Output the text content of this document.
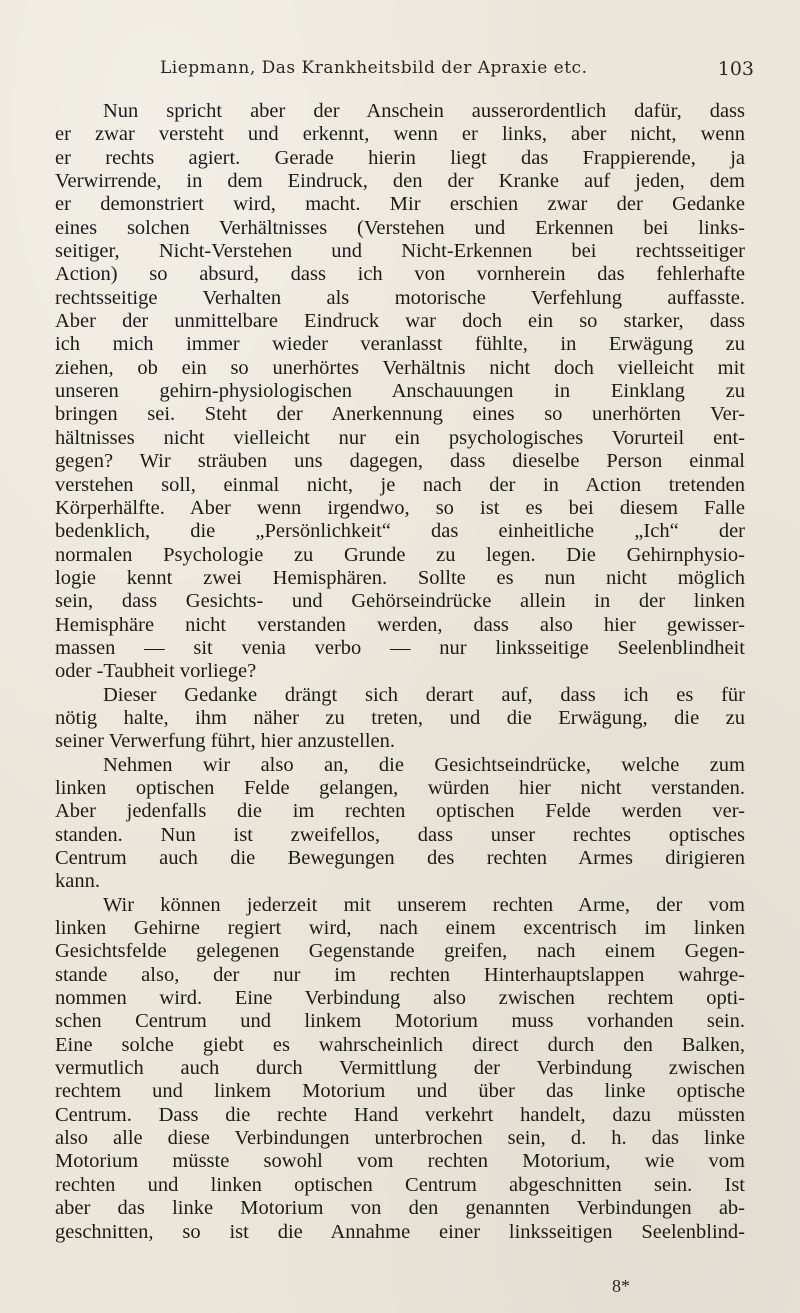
Liepmann, Das Krankheitsbild der Apraxie etc.	103
Nun spricht aber der Anschein ausserordentlich dafür, dass
er zwar versteht und erkennt, wenn er links, aber nicht, wenn
er rechts agiert. Gerade hierin liegt das Frappierende, ja
Verwirrende, in dem Eindruck, den der Kranke auf jeden, dem
er demonstriert wird, macht. Mir erschien zwar der Gedanke
eines solchen Verhältnisses (Verstehen und Erkennen bei links-
seitiger, Nicht-Verstehen und Nicht-Erkennen bei rechtsseitiger
Action) so absurd, dass ich von vornherein das fehlerhafte
rechtsseitige Verhalten als motorische Verfehlung auffasste.
Aber der unmittelbare Eindruck war doch ein so starker, dass
ich mich immer wieder veranlasst fühlte, in Erwägung zu
ziehen, ob ein so unerhörtes Verhältnis nicht doch vielleicht mit
unseren gehirn-physiologischen Anschauungen in Einklang zu
bringen sei. Steht der Anerkennung eines so unerhörten Ver-
hältnisses nicht vielleicht nur ein psychologisches Vorurteil ent-
gegen? Wir sträuben uns dagegen, dass dieselbe Person einmal
verstehen soll, einmal nicht, je nach der in Action tretenden
Körperhälfte. Aber wenn irgendwo, so ist es bei diesem Falle
bedenklich, die „Persönlichkeit“ das einheitliche „Ich“ der
normalen Psychologie zu Grunde zu legen. Die Gehirnphysio-
logie kennt zwei Hemisphären. Sollte es nun nicht möglich
sein, dass Gesichts- und Gehörseindrücke allein in der linken
Hemisphäre nicht verstanden werden, dass also hier gewisser-
massen — sit venia verbo — nur linksseitige Seelenblindheit
oder -Taubheit vorliege?
Dieser Gedanke drängt sich derart auf, dass ich es für
nötig halte, ihm näher zu treten, und die Erwägung, die zu
seiner Verwerfung führt, hier anzustellen.
Nehmen wir also an, die Gesichtseindrücke, welche zum
linken optischen Felde gelangen, würden hier nicht verstanden.
Aber jedenfalls die im rechten optischen Felde werden ver-
standen. Nun ist zweifellos, dass unser rechtes optisches
Centrum auch die Bewegungen des rechten Armes dirigieren
kann.
Wir können jederzeit mit unserem rechten Arme, der vom
linken Gehirne regiert wird, nach einem excentrisch im linken
Gesichtsfelde gelegenen Gegenstande greifen, nach einem Gegen-
stande also, der nur im rechten Hinterhauptslappen wahrge-
nommen wird. Eine Verbindung also zwischen rechtem opti-
schen Centrum und linkem Motorium muss vorhanden sein.
Eine solche giebt es wahrscheinlich direct durch den Balken,
vermutlich auch durch Vermittlung der Verbindung zwischen
rechtem und linkem Motorium und über das linke optische
Centrum. Dass die rechte Hand verkehrt handelt, dazu müssten
also alle diese Verbindungen unterbrochen sein, d. h. das linke
Motorium müsste sowohl vom rechten Motorium, wie vom
rechten und linken optischen Centrum abgeschnitten sein. Ist
aber das linke Motorium von den genannten Verbindungen ab-
geschnitten, so ist die Annahme einer linksseitigen Seelenblind-
8*
